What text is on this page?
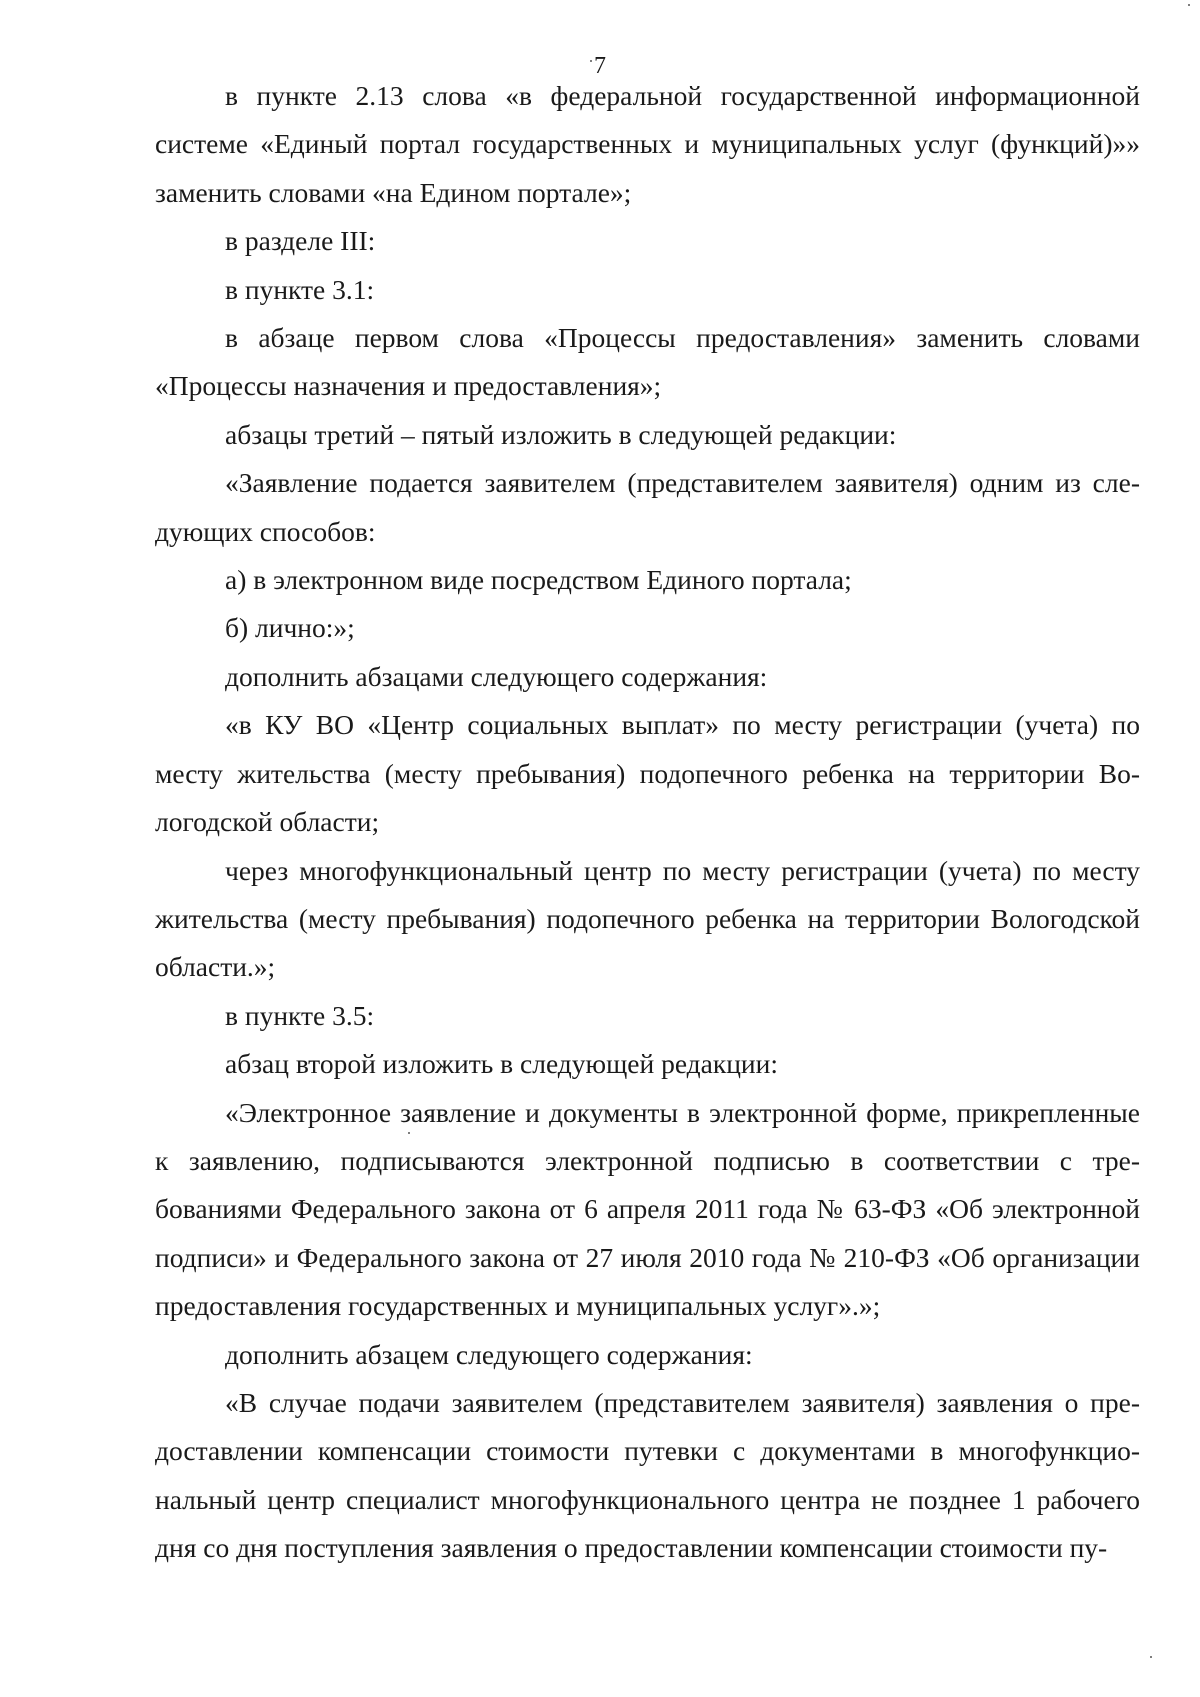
7

в пункте 2.13 слова «в федеральной государственной информационной системе «Единый портал государственных и муниципальных услуг (функций)»» заменить словами «на Едином портале»;

в разделе III:

в пункте 3.1:

в абзаце первом слова «Процессы предоставления» заменить словами «Процессы назначения и предоставления»;

абзацы третий – пятый изложить в следующей редакции:

«Заявление подается заявителем (представителем заявителя) одним из следующих способов:

а) в электронном виде посредством Единого портала;

б) лично:»;

дополнить абзацами следующего содержания:

«в КУ ВО «Центр социальных выплат» по месту регистрации (учета) по месту жительства (месту пребывания) подопечного ребенка на территории Вологодской области;

через многофункциональный центр по месту регистрации (учета) по месту жительства (месту пребывания) подопечного ребенка на территории Вологодской области.»;

в пункте 3.5:

абзац второй изложить в следующей редакции:

«Электронное заявление и документы в электронной форме, прикрепленные к заявлению, подписываются электронной подписью в соответствии с требованиями Федерального закона от 6 апреля 2011 года № 63-ФЗ «Об электронной подписи» и Федерального закона от 27 июля 2010 года № 210-ФЗ «Об организации предоставления государственных и муниципальных услуг».»;

дополнить абзацем следующего содержания:

«В случае подачи заявителем (представителем заявителя) заявления о предоставлении компенсации стоимости путевки с документами в многофункциональный центр специалист многофункционального центра не позднее 1 рабочего дня со дня поступления заявления о предоставлении компенсации стоимости пу-
